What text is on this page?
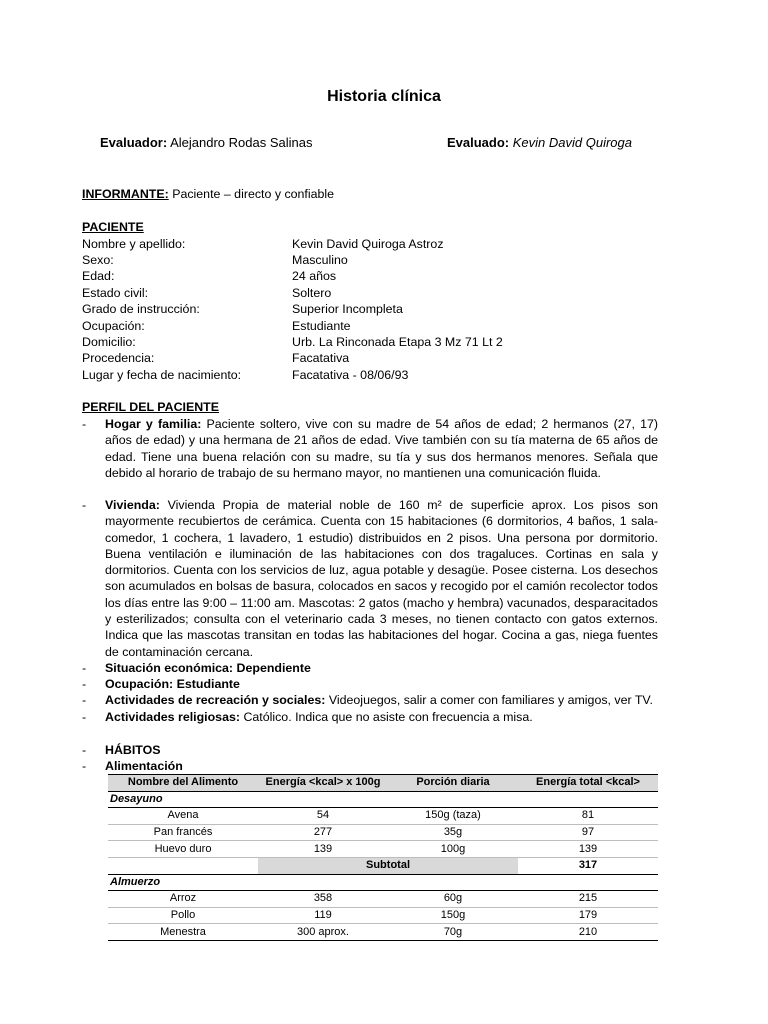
Historia clínica
Evaluador: Alejandro Rodas Salinas	Evaluado: Kevin David Quiroga
INFORMANTE: Paciente – directo y confiable
PACIENTE
Nombre y apellido:	Kevin David Quiroga Astroz
Sexo:	Masculino
Edad:	24 años
Estado civil:	Soltero
Grado de instrucción:	Superior Incompleta
Ocupación:	Estudiante
Domicilio:	Urb. La Rinconada Etapa 3 Mz 71 Lt 2
Procedencia:	Facatativa
Lugar y fecha de nacimiento:	Facatativa - 08/06/93
PERFIL DEL PACIENTE
- Hogar y familia: Paciente soltero, vive con su madre de 54 años de edad; 2 hermanos (27, 17) años de edad) y una hermana de 21 años de edad. Vive también con su tía materna de 65 años de edad. Tiene una buena relación con su madre, su tía y sus dos hermanos menores. Señala que debido al horario de trabajo de su hermano mayor, no mantienen una comunicación fluida.
- Vivienda: Vivienda Propia de material noble de 160 m² de superficie aprox. Los pisos son mayormente recubiertos de cerámica. Cuenta con 15 habitaciones (6 dormitorios, 4 baños, 1 sala-comedor, 1 cochera, 1 lavadero, 1 estudio) distribuidos en 2 pisos. Una persona por dormitorio. Buena ventilación e iluminación de las habitaciones con dos tragaluces. Cortinas en sala y dormitorios. Cuenta con los servicios de luz, agua potable y desagüe. Posee cisterna. Los desechos son acumulados en bolsas de basura, colocados en sacos y recogido por el camión recolector todos los días entre las 9:00 – 11:00 am. Mascotas: 2 gatos (macho y hembra) vacunados, desparacitados y esterilizados; consulta con el veterinario cada 3 meses, no tienen contacto con gatos externos. Indica que las mascotas transitan en todas las habitaciones del hogar. Cocina a gas, niega fuentes de contaminación cercana.
- Situación económica: Dependiente
- Ocupación: Estudiante
- Actividades de recreación y sociales: Videojuegos, salir a comer con familiares y amigos, ver TV.
- Actividades religiosas: Católico. Indica que no asiste con frecuencia a misa.
- HÁBITOS
- Alimentación
Nombre del Alimento	Energía <kcal> x 100g	Porción diaria	Energía total <kcal>
Desayuno			
Avena	54	150g (taza)	81
Pan francés	277	35g	97
Huevo duro	139	100g	139
	Subtotal		317
Almuerzo			
Arroz	358	60g	215
Pollo	119	150g	179
Menestra	300 aprox.	70g	210
